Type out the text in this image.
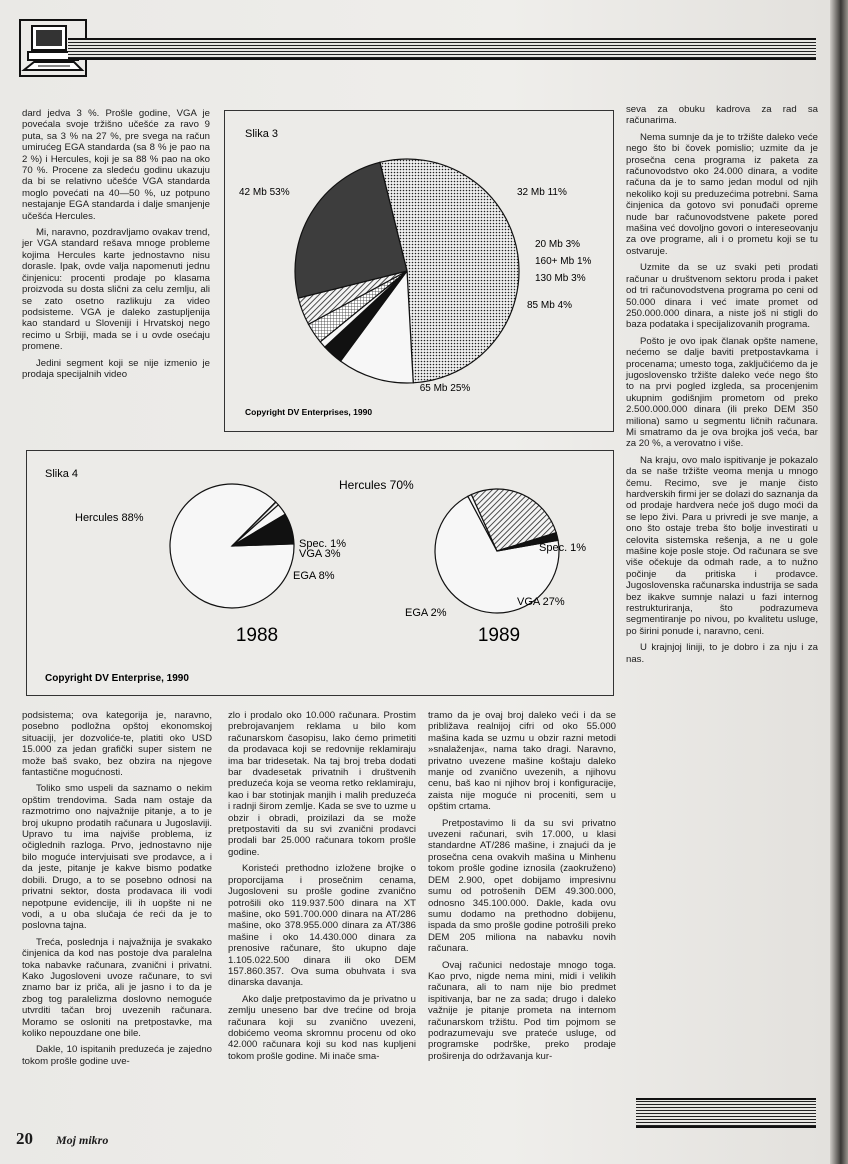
dard jedva 3 %. Prošle godine, VGA je povećala svoje tržišno učešće za ravo 9 puta, sa 3 % na 27 %, pre svega na račun umirućeg EGA standarda (sa 8 % je pao na 2 %) i Hercules, koji je sa 88 % pao na oko 70 %. Procene za sledeću godinu ukazuju da bi se relativno učešće VGA standarda moglo povećati na 40—50 %, uz potpuno nestajanje EGA standarda i dalje smanjenje učešća Hercules.

Mi, naravno, pozdravljamo ovakav trend, jer VGA standard rešava mnoge probleme kojima Hercules karte jednostavno nisu dorasle. Ipak, ovde valja napomenuti jednu činjenicu: procenti prodaje po klasama proizvoda su dosta slični za celu zemlju, ali se zato osetno razlikuju za video podsisteme. VGA je daleko zastupljenija kao standard u Sloveniji i Hrvatskoj nego recimo u Srbiji, mada se i u ovde osećaju promene.

Jedini segment koji se nije izmenio je prodaja specijalnih video

Slika 3
Copyright DV Enterprises, 1990
42 Mb 53%	32 Mb 11%
20 Mb 3%
160+ Mb 1%
130 Mb 3%
85 Mb 4%
65 Mb 25%
Slika 4
Copyright DV Enterprise, 1990
Hercules 88%
Spec. 1%
VGA 3%
EGA 8%
1988
Hercules 70%
Spec. 1%
VGA 27%
EGA 2%
1989

seva za obuku kadrova za rad sa računarima.

Nema sumnje da je to tržište daleko veće nego što bi čovek pomislio; uzmite da je prosečna cena programa iz paketa za računovodstvo oko 24.000 dinara, a vodite računa da je to samo jedan modul od njih nekoliko koji su preduzećima potrebni. Sama činjenica da gotovo svi ponuđači opreme nude bar računovodstvene pakete pored mašina već dovoljno govori o intereseovanju za ove programe, ali i o prometu koji se tu ostvaruje.

Uzmite da se uz svaki peti prodati računar u društvenom sektoru proda i paket od tri računovodstvena programa po ceni od 50.000 dinara i već imate promet od 250.000.000 dinara, a niste još ni stigli do baza podataka i specijalizovanih programa.

Pošto je ovo ipak članak opšte namene, nećemo se dalje baviti pretpostavkama i procenama; umesto toga, zaključićemo da je jugoslovensko tržište daleko veće nego što to na prvi pogled izgleda, sa procenjenim ukupnim godišnjim prometom od preko 2.500.000.000 dinara (ili preko DEM 350 miliona) samo u segmentu ličnih računara. Mi smatramo da je ova brojka još veća, bar za 20 %, a verovatno i više.

Na kraju, ovo malo ispitivanje je pokazalo da se naše tržište veoma menja u mnogo čemu. Recimo, sve je manje čisto hardverskih firmi jer se dolazi do saznanja da od prodaje hardvera neće još dugo moći da se lepo živi. Para u privredi je sve manje, a ono što ostaje treba što bolje investirati u celovita sistemska rešenja, a ne u gole mašine koje posle stoje. Od računara se sve više očekuje da odmah rade, a to nužno počinje da pritiska i prodavce. Jugoslovenska računarska industrija se sada bez ikakve sumnje nalazi u fazi internog restrukturiranja, što podrazumeva segmentiranje po nivou, po kvalitetu usluge, po širini ponude i, naravno, ceni.

U krajnjoj liniji, to je dobro i za nju i za nas.

podsistema; ova kategorija je, naravno, posebno podložna opštoj ekonomskoj situaciji, jer dozvoliće-te, platiti oko USD 15.000 za jedan grafički super sistem ne može baš svako, bez obzira na njegove fantastične mogućnosti.

Toliko smo uspeli da saznamo o nekim opštim trendovima. Sada nam ostaje da razmotrimo ono najvažnije pitanje, a to je broj ukupno prodatih računara u Jugoslaviji. Upravo tu ima najviše problema, iz očiglednih razloga. Prvo, jednostavno nije bilo moguće intervjuisati sve prodavce, a i da jeste, pitanje je kakve bismo podatke dobili. Drugo, a to se posebno odnosi na privatni sektor, dosta prodavaca ili vodi nepotpune evidencije, ili ih uopšte ni ne vodi, a u oba slučaja će reći da je to poslovna tajna.

Treća, poslednja i najvažnija je svakako činjenica da kod nas postoje dva paralelna toka nabavke računara, zvanični i privatni. Kako Jugosloveni uvoze računare, to svi znamo bar iz priča, ali je jasno i to da je zbog tog paralelizma doslovno nemoguće utvrditi tačan broj uvezenih računara. Moramo se osloniti na pretpostavke, ma koliko nepouzdane one bile.

Dakle, 10 ispitanih preduzeća je zajedno tokom prošle godine uve-

zlo i prodalo oko 10.000 računara. Prostim prebrojavanjem reklama u bilo kom računarskom časopisu, lako ćemo primetiti da prodavaca koji se redovnije reklamiraju ima bar tridesetak. Na taj broj treba dodati bar dvadesetak privatnih i društvenih preduzeća koja se veoma retko reklamiraju, kao i bar stotinjak manjih i malih preduzeća i radnji širom zemlje. Kada se sve to uzme u obzir i obradi, proizilazi da se može pretpostaviti da su svi zvanični prodavci prodali bar 25.000 računara tokom prošle godine.

Koristeći prethodno izložene brojke o proporcijama i prosečnim cenama, Jugosloveni su prošle godine zvanično potrošili oko 119.937.500 dinara na XT mašine, oko 591.700.000 dinara na AT/286 mašine, oko 378.955.000 dinara za AT/386 mašine i oko 14.430.000 dinara za prenosive računare, što ukupno daje 1.105.022.500 dinara ili oko DEM 157.860.357. Ova suma obuhvata i sva dinarska davanja.

Ako dalje pretpostavimo da je privatno u zemlju uneseno bar dve trećine od broja računara koji su zvanično uvezeni, dobićemo veoma skromnu procenu od oko 42.000 računara koji su kod nas kupljeni tokom prošle godine. Mi inače sma-

tramo da je ovaj broj daleko veći i da se približava realnijoj cifri od oko 55.000 mašina kada se uzmu u obzir razni metodi »snalaženja«, nama tako dragi. Naravno, privatno uvezene mašine koštaju daleko manje od zvanično uvezenih, a njihovu cenu, baš kao ni njihov broj i konfiguracije, zaista nije moguće ni proceniti, sem u opštim crtama.

Pretpostavimo li da su svi privatno uvezeni računari, svih 17.000, u klasi standardne AT/286 mašine, i znajući da je prosečna cena ovakvih mašina u Minhenu tokom prošle godine iznosila (zaokruženo) DEM 2.900, opet dobijamo impresivnu sumu od potrošenih DEM 49.300.000, odnosno 345.100.000. Dakle, kada ovu sumu dodamo na prethodno dobijenu, ispada da smo prošle godine potrošili preko DEM 205 miliona na nabavku novih računara.

Ovaj računici nedostaje mnogo toga. Kao prvo, nigde nema mini, midi i velikih računara, ali to nam nije bio predmet ispitivanja, bar ne za sada; drugo i daleko važnije je pitanje prometa na internom računarskom tržištu. Pod tim pojmom se podrazumevaju sve prateće usluge, od programske podrške, preko prodaje proširenja do održavanja kur-

20 Moj mikro
